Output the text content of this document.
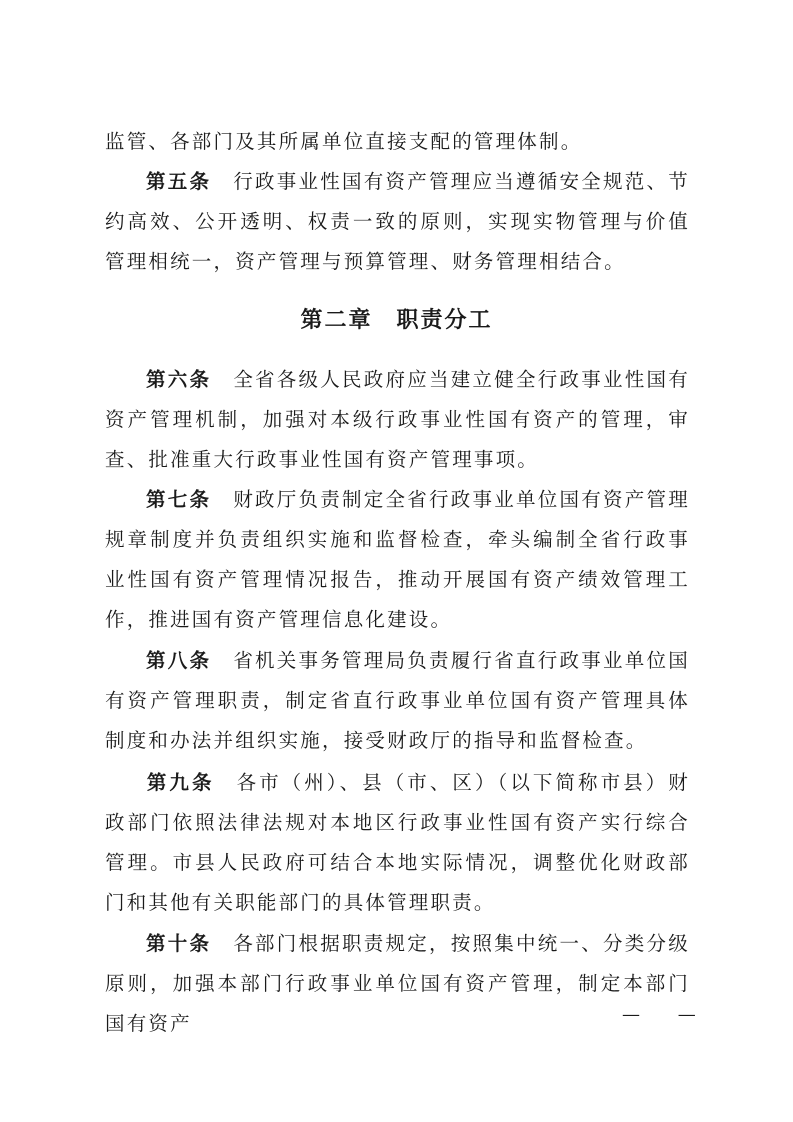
监管、各部门及其所属单位直接支配的管理体制。

第五条 行政事业性国有资产管理应当遵循安全规范、节约高效、公开透明、权责一致的原则，实现实物管理与价值管理相统一，资产管理与预算管理、财务管理相结合。

第二章 职责分工

第六条 全省各级人民政府应当建立健全行政事业性国有资产管理机制，加强对本级行政事业性国有资产的管理，审查、批准重大行政事业性国有资产管理事项。

第七条 财政厅负责制定全省行政事业单位国有资产管理规章制度并负责组织实施和监督检查，牵头编制全省行政事业性国有资产管理情况报告，推动开展国有资产绩效管理工作，推进国有资产管理信息化建设。

第八条 省机关事务管理局负责履行省直行政事业单位国有资产管理职责，制定省直行政事业单位国有资产管理具体制度和办法并组织实施，接受财政厅的指导和监督检查。

第九条 各市（州）、县（市、区）（以下简称市县）财政部门依照法律法规对本地区行政事业性国有资产实行综合管理。市县人民政府可结合本地实际情况，调整优化财政部门和其他有关职能部门的具体管理职责。

第十条 各部门根据职责规定，按照集中统一、分类分级原则，加强本部门行政事业单位国有资产管理，制定本部门国有资产	— —
